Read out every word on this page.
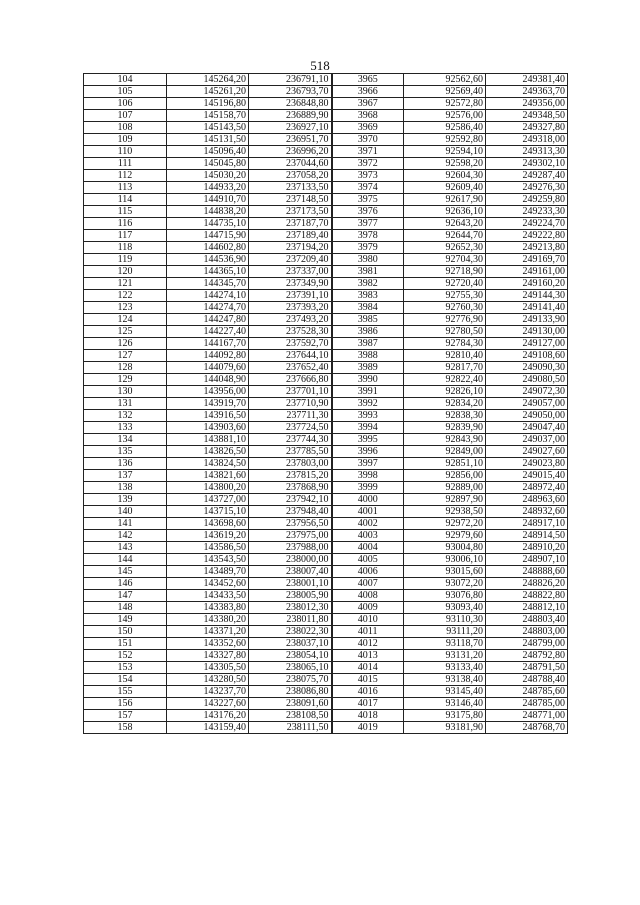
518
104	145264,20	236791,10	3965	92562,60	249381,40
105	145261,20	236793,70	3966	92569,40	249363,70
106	145196,80	236848,80	3967	92572,80	249356,00
107	145158,70	236889,90	3968	92576,00	249348,50
108	145143,50	236927,10	3969	92586,40	249327,80
109	145131,50	236951,70	3970	92592,80	249318,00
110	145096,40	236996,20	3971	92594,10	249313,30
111	145045,80	237044,60	3972	92598,20	249302,10
112	145030,20	237058,20	3973	92604,30	249287,40
113	144933,20	237133,50	3974	92609,40	249276,30
114	144910,70	237148,50	3975	92617,90	249259,80
115	144838,20	237173,50	3976	92636,10	249233,30
116	144735,10	237187,70	3977	92643,20	249224,70
117	144715,90	237189,40	3978	92644,70	249222,80
118	144602,80	237194,20	3979	92652,30	249213,80
119	144536,90	237209,40	3980	92704,30	249169,70
120	144365,10	237337,00	3981	92718,90	249161,00
121	144345,70	237349,90	3982	92720,40	249160,20
122	144274,10	237391,10	3983	92755,30	249144,30
123	144274,70	237393,20	3984	92760,30	249141,40
124	144247,80	237493,20	3985	92776,90	249133,90
125	144227,40	237528,30	3986	92780,50	249130,00
126	144167,70	237592,70	3987	92784,30	249127,00
127	144092,80	237644,10	3988	92810,40	249108,60
128	144079,60	237652,40	3989	92817,70	249090,30
129	144048,90	237666,80	3990	92822,40	249080,50
130	143956,00	237701,10	3991	92826,10	249072,30
131	143919,70	237710,90	3992	92834,20	249057,00
132	143916,50	237711,30	3993	92838,30	249050,00
133	143903,60	237724,50	3994	92839,90	249047,40
134	143881,10	237744,30	3995	92843,90	249037,00
135	143826,50	237785,50	3996	92849,00	249027,60
136	143824,50	237803,00	3997	92851,10	249023,80
137	143821,60	237815,20	3998	92856,00	249015,40
138	143800,20	237868,90	3999	92889,00	248972,40
139	143727,00	237942,10	4000	92897,90	248963,60
140	143715,10	237948,40	4001	92938,50	248932,60
141	143698,60	237956,50	4002	92972,20	248917,10
142	143619,20	237975,00	4003	92979,60	248914,50
143	143586,50	237988,00	4004	93004,80	248910,20
144	143543,50	238000,00	4005	93006,10	248907,10
145	143489,70	238007,40	4006	93015,60	248888,60
146	143452,60	238001,10	4007	93072,20	248826,20
147	143433,50	238005,90	4008	93076,80	248822,80
148	143383,80	238012,30	4009	93093,40	248812,10
149	143380,20	238011,80	4010	93110,30	248803,40
150	143371,20	238022,30	4011	93111,20	248803,00
151	143352,60	238037,10	4012	93118,70	248799,00
152	143327,80	238054,10	4013	93131,20	248792,80
153	143305,50	238065,10	4014	93133,40	248791,50
154	143280,50	238075,70	4015	93138,40	248788,40
155	143237,70	238086,80	4016	93145,40	248785,60
156	143227,60	238091,60	4017	93146,40	248785,00
157	143176,20	238108,50	4018	93175,80	248771,00
158	143159,40	238111,50	4019	93181,90	248768,70
